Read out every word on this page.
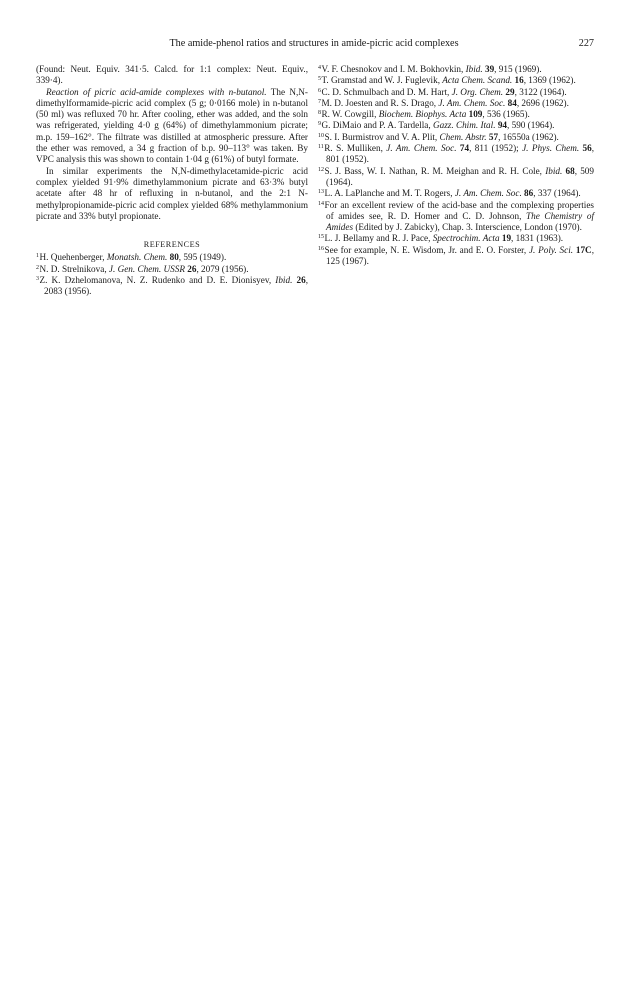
The amide-phenol ratios and structures in amide-picric acid complexes	227

(Found: Neut. Equiv. 341·5. Calcd. for 1:1 complex: Neut. Equiv., 339·4).

Reaction of picric acid-amide complexes with n-butanol. The N,N-dimethylformamide-picric acid complex (5 g; 0·0166 mole) in n-butanol (50 ml) was refluxed 70 hr. After cooling, ether was added, and the soln was refrigerated, yielding 4·0 g (64%) of dimethylammonium picrate; m.p. 159–162°. The filtrate was distilled at atmospheric pressure. After the ether was removed, a 34 g fraction of b.p. 90–113° was taken. By VPC analysis this was shown to contain 1·04 g (61%) of butyl formate.

In similar experiments the N,N-dimethylacetamide-picric acid complex yielded 91·9% dimethylammonium picrate and 63·3% butyl acetate after 48 hr of refluxing in n-butanol, and the 2:1 N-methylpropionamide-picric acid complex yielded 68% methylammonium picrate and 33% butyl propionate.

REFERENCES

$^1$H. Quehenberger, Monatsh. Chem. 80, 595 (1949).

$^2$N. D. Strelnikova, J. Gen. Chem. USSR 26, 2079 (1956).

$^3$Z. K. Dzhelomanova, N. Z. Rudenko and D. E. Dionisyev, Ibid. 26, 2083 (1956).

$^4$V. F. Chesnokov and I. M. Bokhovkin, Ibid. 39, 915 (1969).

$^5$T. Gramstad and W. J. Fuglevik, Acta Chem. Scand. 16, 1369 (1962).

$^6$C. D. Schmulbach and D. M. Hart, J. Org. Chem. 29, 3122 (1964).

$^7$M. D. Joesten and R. S. Drago, J. Am. Chem. Soc. 84, 2696 (1962).

$^8$R. W. Cowgill, Biochem. Biophys. Acta 109, 536 (1965).

$^9$G. DiMaio and P. A. Tardella, Gazz. Chim. Ital. 94, 590 (1964).

$^{10}$S. I. Burmistrov and V. A. Plit, Chem. Abstr. 57, 16550a (1962).

$^{11}$R. S. Mulliken, J. Am. Chem. Soc. 74, 811 (1952); J. Phys. Chem. 56, 801 (1952).

$^{12}$S. J. Bass, W. I. Nathan, R. M. Meighan and R. H. Cole, Ibid. 68, 509 (1964).

$^{13}$L. A. LaPlanche and M. T. Rogers, J. Am. Chem. Soc. 86, 337 (1964).

$^{14}$For an excellent review of the acid-base and the complexing properties of amides see, R. D. Homer and C. D. Johnson, The Chemistry of Amides (Edited by J. Zabicky), Chap. 3. Interscience, London (1970).

$^{15}$L. J. Bellamy and R. J. Pace, Spectrochim. Acta 19, 1831 (1963).

$^{16}$See for example, N. E. Wisdom, Jr. and E. O. Forster, J. Poly. Sci. 17C, 125 (1967).
